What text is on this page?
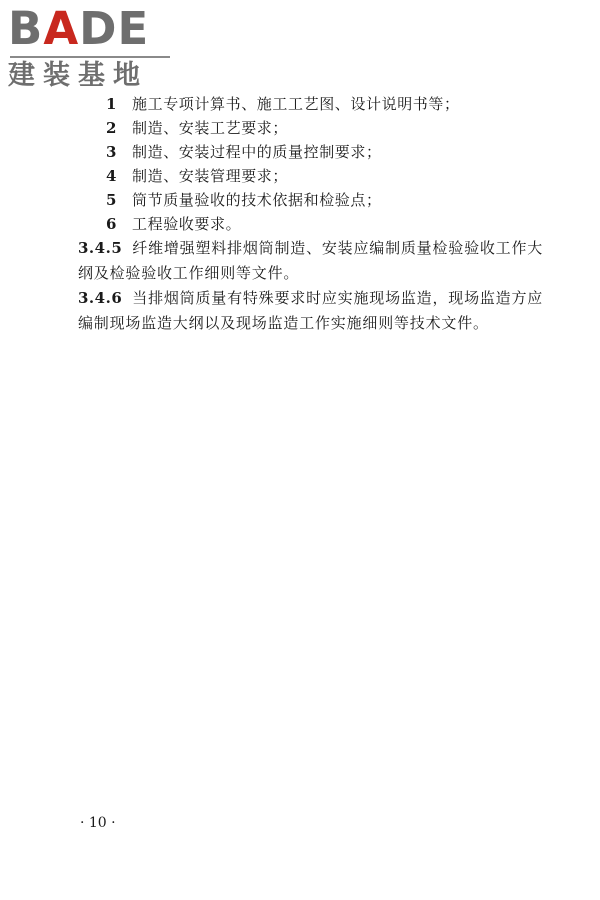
BADE
建装基地
1 施工专项计算书、施工工艺图、设计说明书等；
2 制造、安装工艺要求；
3 制造、安装过程中的质量控制要求；
4 制造、安装管理要求；
5 筒节质量验收的技术依据和检验点；
6 工程验收要求。
3.4.5 纤维增强塑料排烟筒制造、安装应编制质量检验验收工作大纲及检验验收工作细则等文件。
3.4.6 当排烟筒质量有特殊要求时应实施现场监造，现场监造方应编制现场监造大纲以及现场监造工作实施细则等技术文件。
· 10 ·
